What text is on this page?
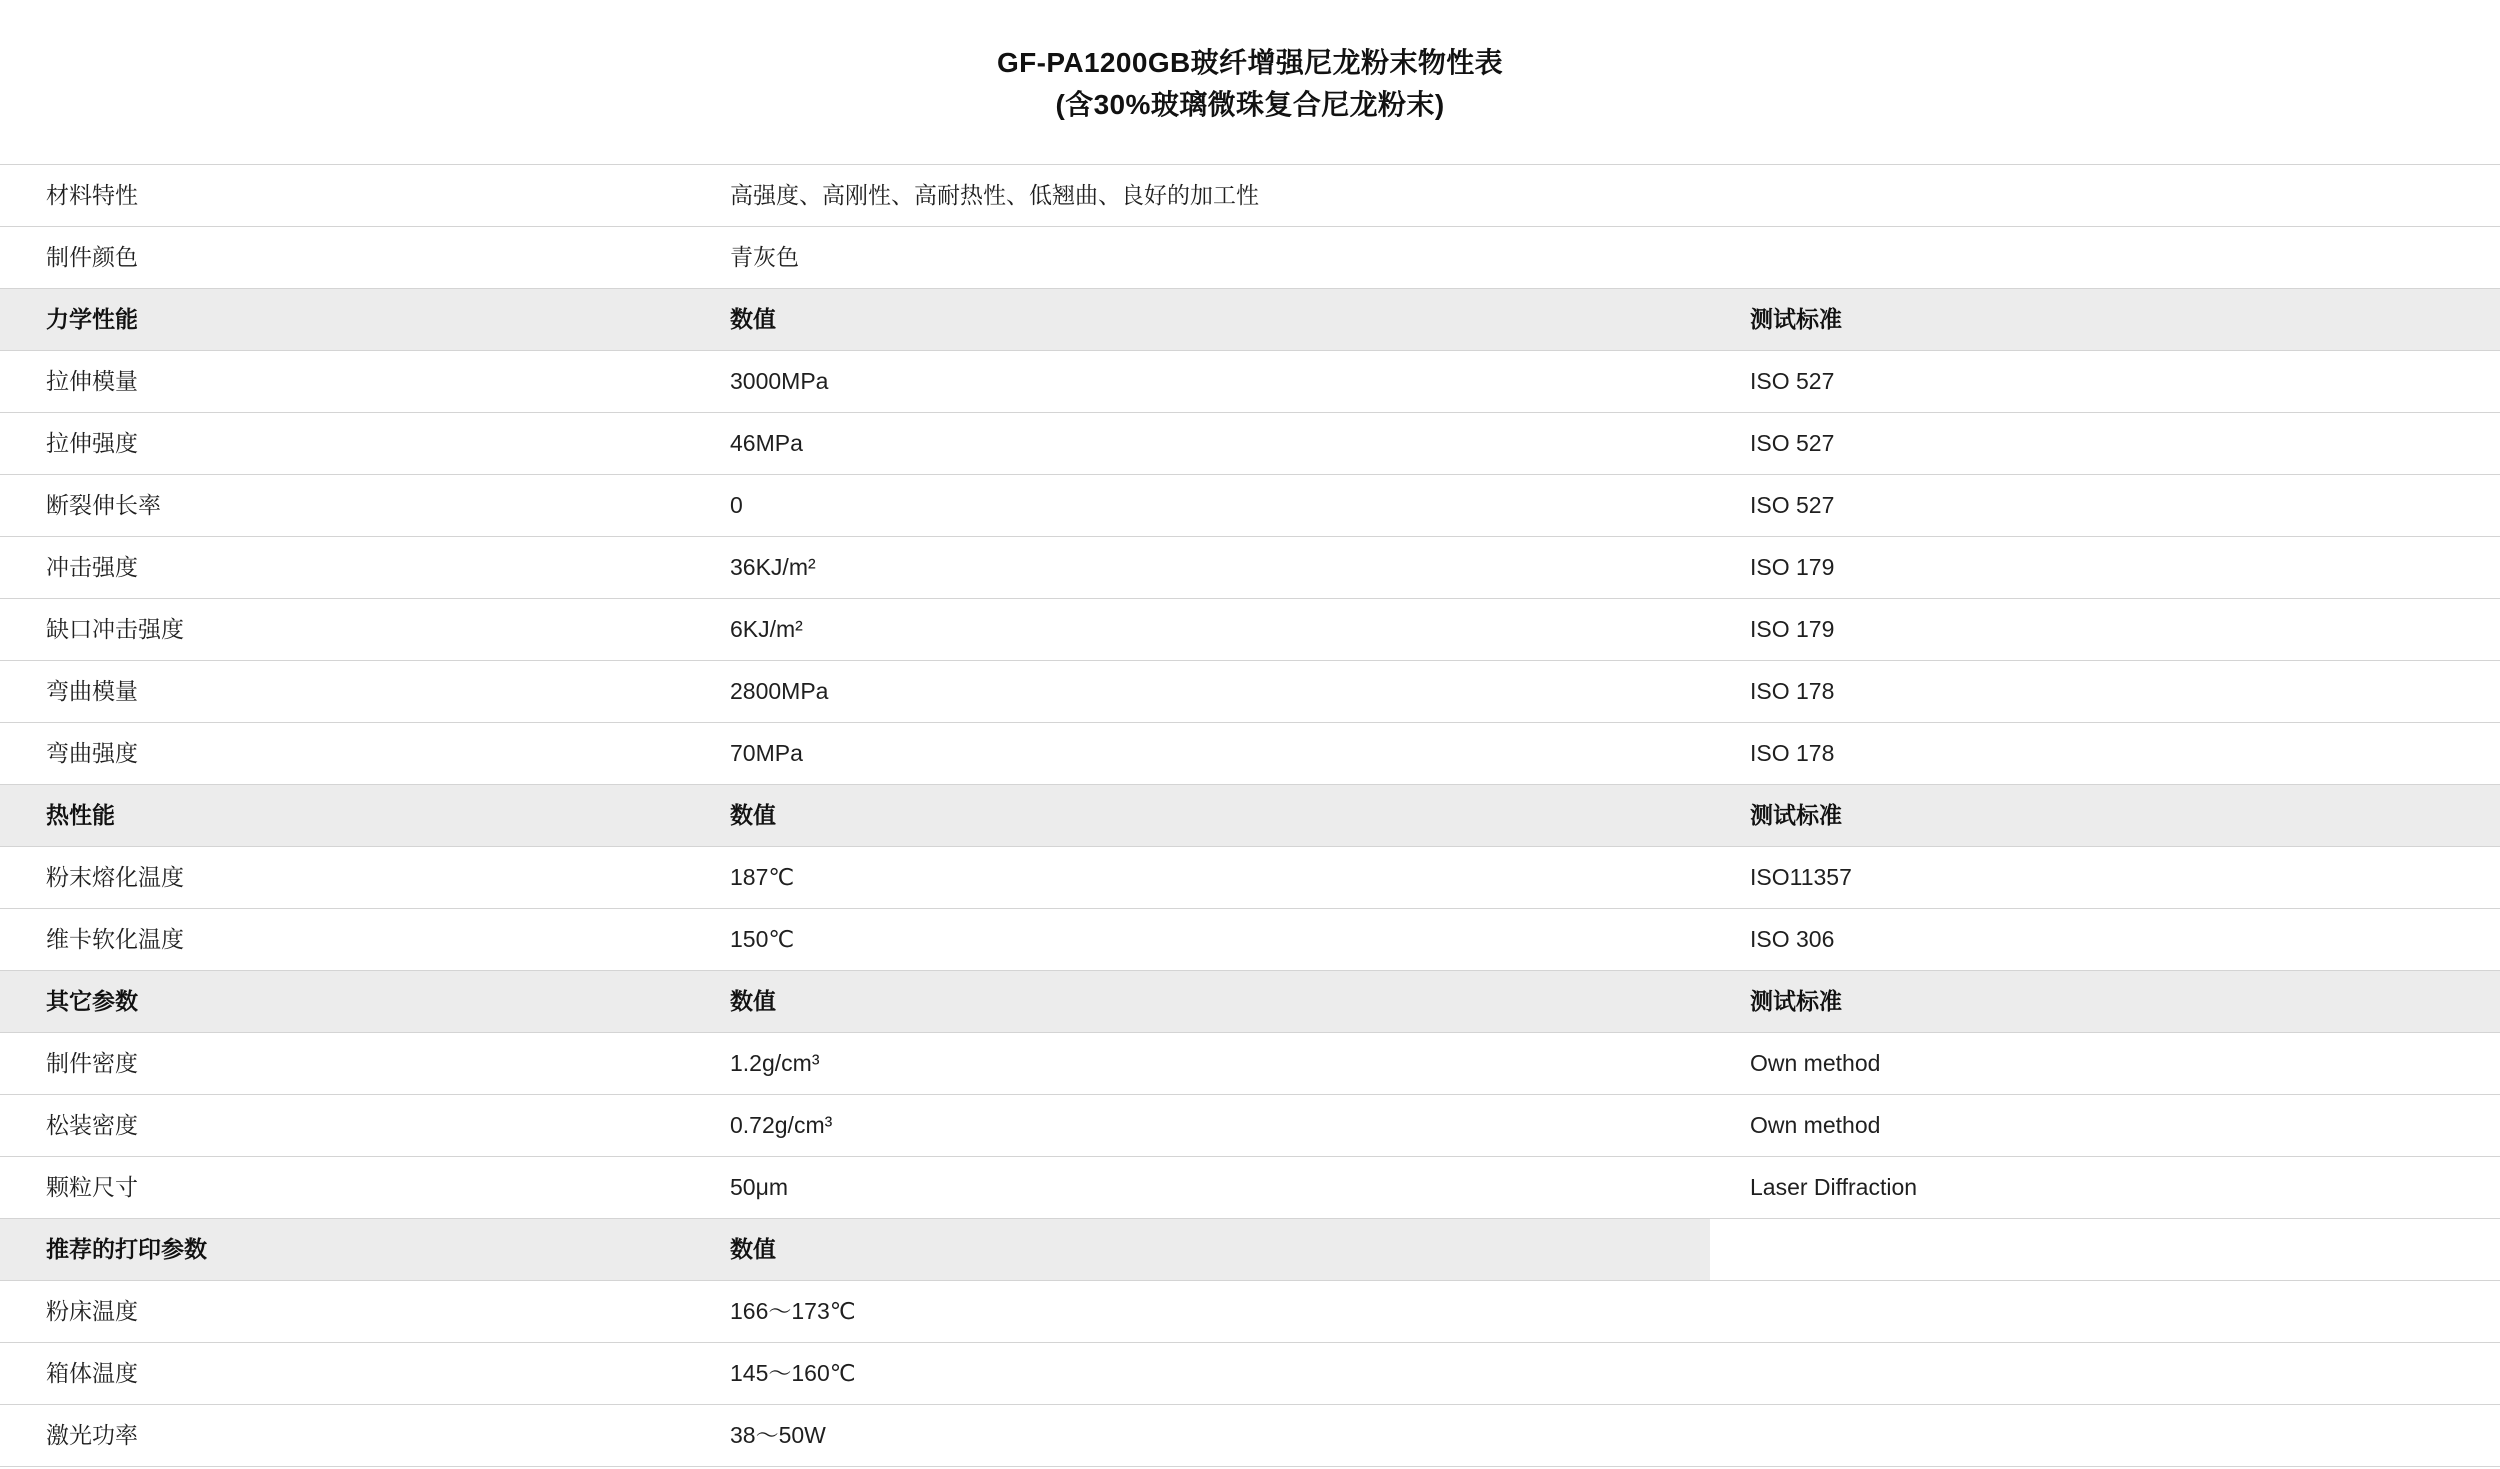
GF-PA1200GB玻纤增强尼龙粉末物性表
(含30%玻璃微珠复合尼龙粉末)
材料特性	高强度、高刚性、高耐热性、低翘曲、良好的加工性	
制件颜色	青灰色	
力学性能	数值	测试标准
拉伸模量	3000MPa	ISO 527
拉伸强度	46MPa	ISO 527
断裂伸长率	0	ISO 527
冲击强度	36KJ/m²	ISO 179
缺口冲击强度	6KJ/m²	ISO 179
弯曲模量	2800MPa	ISO 178
弯曲强度	70MPa	ISO 178
热性能	数值	测试标准
粉末熔化温度	187℃	ISO11357
维卡软化温度	150℃	ISO 306
其它参数	数值	测试标准
制件密度	1.2g/cm³	Own method
松装密度	0.72g/cm³	Own method
颗粒尺寸	50μm	Laser Diffraction
推荐的打印参数	数值	
粉床温度	166～173℃	
箱体温度	145～160℃	
激光功率	38～50W	
